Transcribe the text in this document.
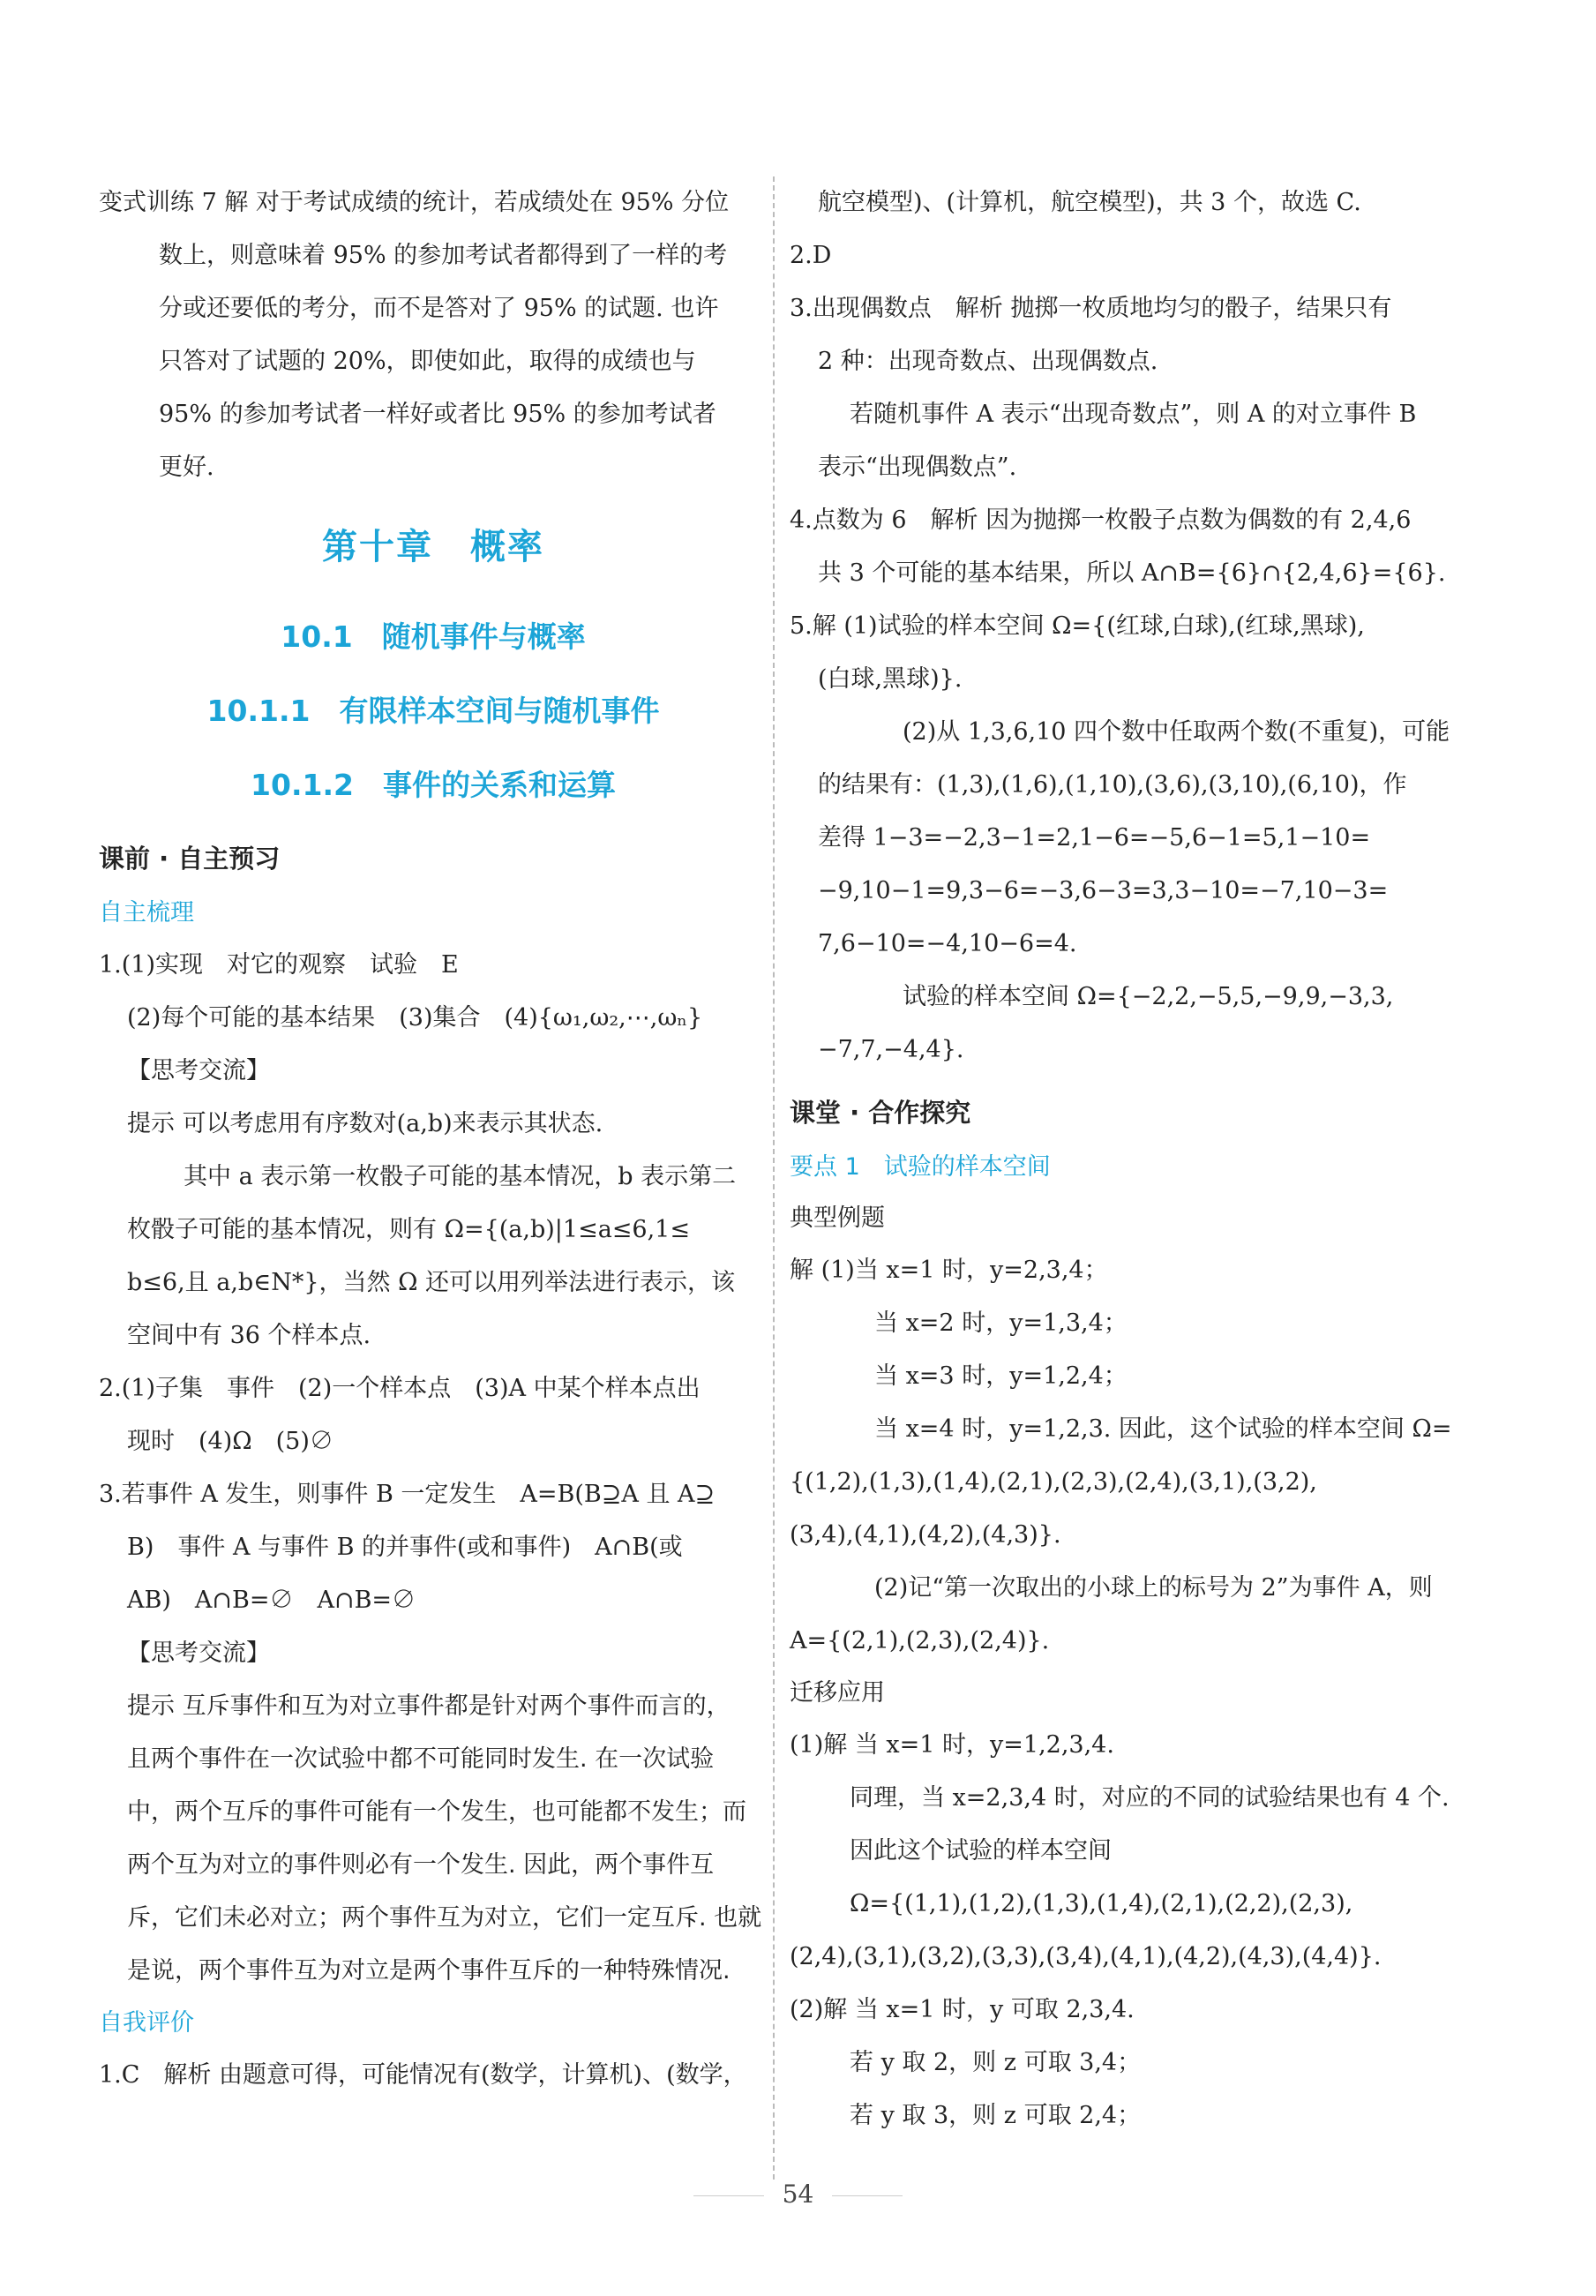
变式训练 7 解 对于考试成绩的统计，若成绩处在 95% 分位
数上，则意味着 95% 的参加考试者都得到了一样的考
分或还要低的考分，而不是答对了 95% 的试题. 也许
只答对了试题的 20%，即使如此，取得的成绩也与
95% 的参加考试者一样好或者比 95% 的参加考试者
更好.
第十章　概率
10.1　随机事件与概率
10.1.1　有限样本空间与随机事件
10.1.2　事件的关系和运算
课前 · 自主预习
自主梳理
1.(1)实现　对它的观察　试验　E
(2)每个可能的基本结果　(3)集合　(4){ω₁,ω₂,⋯,ωₙ}
【思考交流】
提示 可以考虑用有序数对(a,b)来表示其状态.
其中 a 表示第一枚骰子可能的基本情况，b 表示第二
枚骰子可能的基本情况，则有 Ω={(a,b)|1≤a≤6,1≤
b≤6,且 a,b∈N*}，当然 Ω 还可以用列举法进行表示，该
空间中有 36 个样本点.
2.(1)子集　事件　(2)一个样本点　(3)A 中某个样本点出
现时　(4)Ω　(5)∅
3.若事件 A 发生，则事件 B 一定发生　A=B(B⊇A 且 A⊇
B)　事件 A 与事件 B 的并事件(或和事件)　A∩B(或
AB)　A∩B=∅　A∩B=∅
【思考交流】
提示 互斥事件和互为对立事件都是针对两个事件而言的，
且两个事件在一次试验中都不可能同时发生. 在一次试验
中，两个互斥的事件可能有一个发生，也可能都不发生；而
两个互为对立的事件则必有一个发生. 因此，两个事件互
斥，它们未必对立；两个事件互为对立，它们一定互斥. 也就
是说，两个事件互为对立是两个事件互斥的一种特殊情况.
自我评价
1.C　解析 由题意可得，可能情况有(数学，计算机)、(数学，
航空模型)、(计算机，航空模型)，共 3 个，故选 C.
2.D
3.出现偶数点　解析 抛掷一枚质地均匀的骰子，结果只有
2 种：出现奇数点、出现偶数点.
若随机事件 A 表示“出现奇数点”，则 A 的对立事件 B
表示“出现偶数点”.
4.点数为 6　解析 因为抛掷一枚骰子点数为偶数的有 2,4,6
共 3 个可能的基本结果，所以 A∩B={6}∩{2,4,6}={6}.
5.解 (1)试验的样本空间 Ω={(红球,白球),(红球,黑球),
(白球,黑球)}.
(2)从 1,3,6,10 四个数中任取两个数(不重复)，可能
的结果有：(1,3),(1,6),(1,10),(3,6),(3,10),(6,10)，作
差得 1−3=−2,3−1=2,1−6=−5,6−1=5,1−10=
−9,10−1=9,3−6=−3,6−3=3,3−10=−7,10−3=
7,6−10=−4,10−6=4.
试验的样本空间 Ω={−2,2,−5,5,−9,9,−3,3,
−7,7,−4,4}.
课堂 · 合作探究
要点 1　试验的样本空间
典型例题
解 (1)当 x=1 时，y=2,3,4；
当 x=2 时，y=1,3,4；
当 x=3 时，y=1,2,4；
当 x=4 时，y=1,2,3. 因此，这个试验的样本空间 Ω=
{(1,2),(1,3),(1,4),(2,1),(2,3),(2,4),(3,1),(3,2),
(3,4),(4,1),(4,2),(4,3)}.
(2)记“第一次取出的小球上的标号为 2”为事件 A，则
A={(2,1),(2,3),(2,4)}.
迁移应用
(1)解 当 x=1 时，y=1,2,3,4.
同理，当 x=2,3,4 时，对应的不同的试验结果也有 4 个.
因此这个试验的样本空间
Ω={(1,1),(1,2),(1,3),(1,4),(2,1),(2,2),(2,3),
(2,4),(3,1),(3,2),(3,3),(3,4),(4,1),(4,2),(4,3),(4,4)}.
(2)解 当 x=1 时，y 可取 2,3,4.
若 y 取 2，则 z 可取 3,4；
若 y 取 3，则 z 可取 2,4；
54
